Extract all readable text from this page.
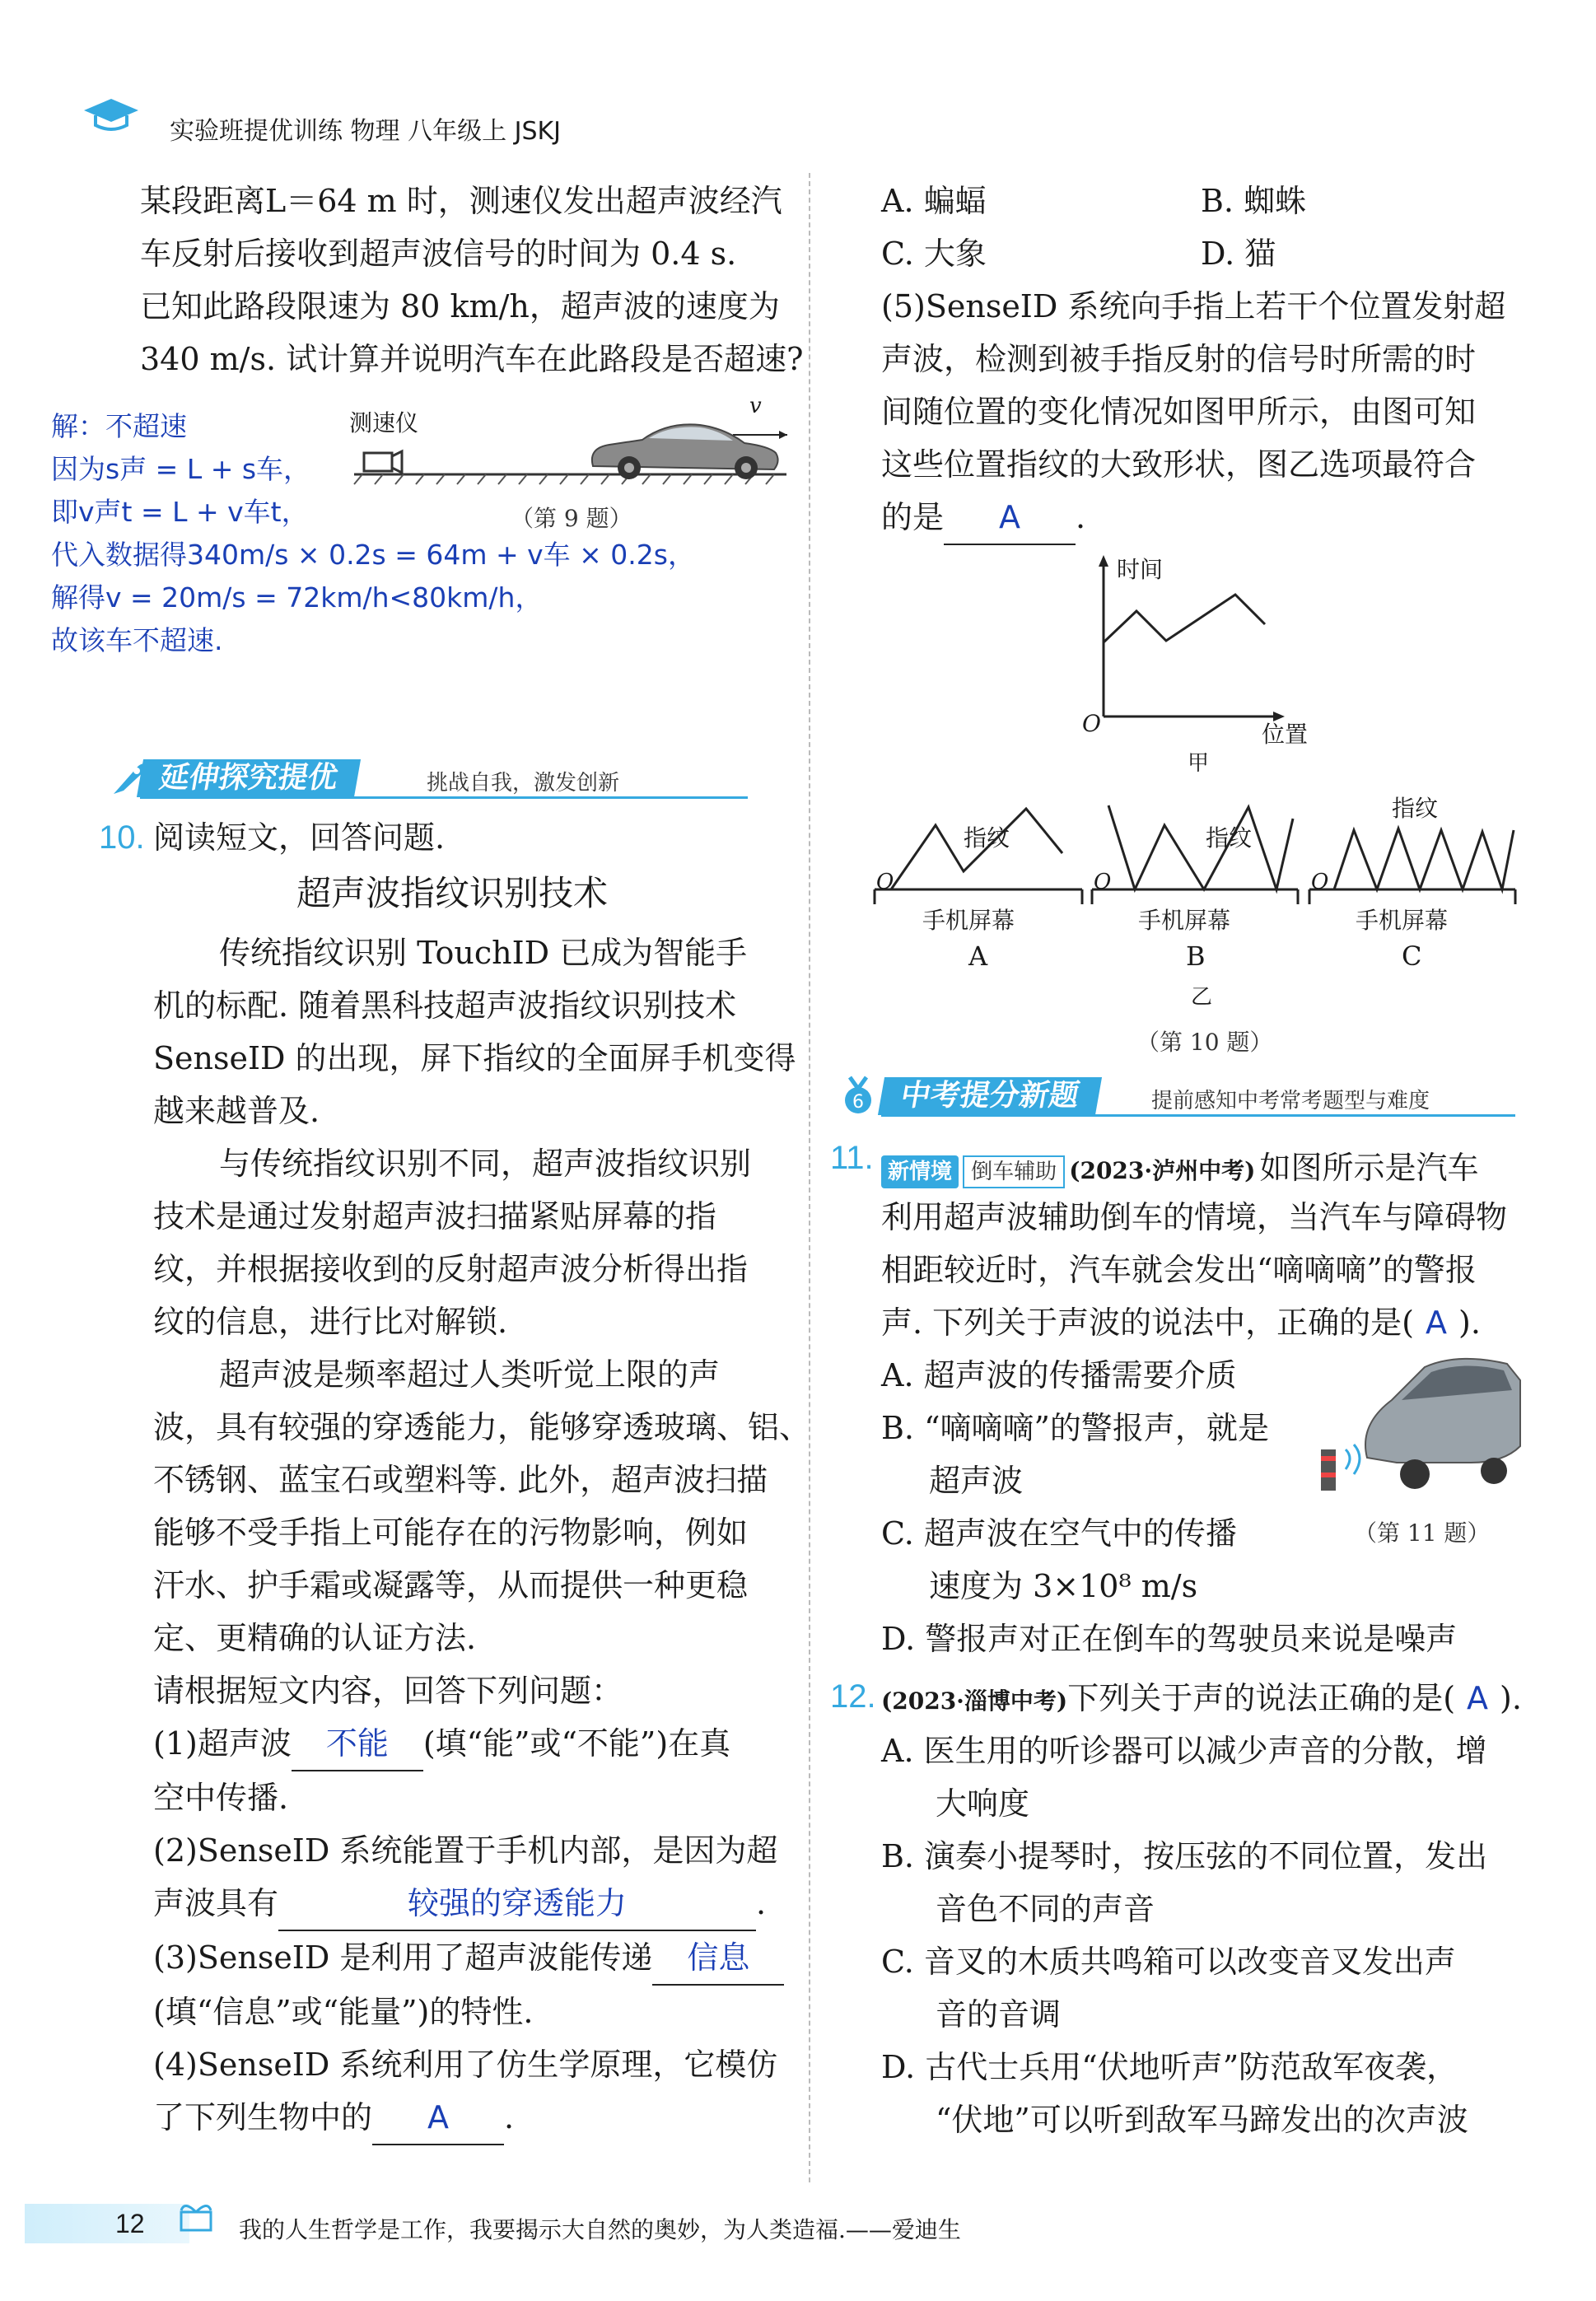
实验班提优训练 物理 八年级上 JSKJ
某段距离L＝64 m 时，测速仪发出超声波经汽
车反射后接收到超声波信号的时间为 0.4 s.
已知此路段限速为 80 km/h，超声波的速度为
340 m/s. 试计算并说明汽车在此路段是否超速?
解：不超速
因为s声 = L + s车，
即v声t = L + v车t，
代入数据得340m/s × 0.2s = 64m + v车 × 0.2s，
解得v = 20m/s = 72km/h<80km/h，
故该车不超速.
测速仪
v
（第 9 题）
延伸探究提优	挑战自我，激发创新
10. 阅读短文，回答问题.
超声波指纹识别技术
传统指纹识别 TouchID 已成为智能手
机的标配. 随着黑科技超声波指纹识别技术
SenseID 的出现，屏下指纹的全面屏手机变得
越来越普及.
与传统指纹识别不同，超声波指纹识别
技术是通过发射超声波扫描紧贴屏幕的指
纹，并根据接收到的反射超声波分析得出指
纹的信息，进行比对解锁.
超声波是频率超过人类听觉上限的声
波，具有较强的穿透能力，能够穿透玻璃、铝、
不锈钢、蓝宝石或塑料等. 此外，超声波扫描
能够不受手指上可能存在的污物影响，例如
汗水、护手霜或凝露等，从而提供一种更稳
定、更精确的认证方法.
请根据短文内容，回答下列问题：
(1)超声波 不能 (填“能”或“不能”)在真
空中传播.
(2)SenseID 系统能置于手机内部，是因为超
声波具有	较强的穿透能力	.
(3)SenseID 是利用了超声波能传递 信息
(填“信息”或“能量”)的特性.
(4)SenseID 系统利用了仿生学原理，它模仿
了下列生物中的 A .
A. 蝙蝠	B. 蜘蛛
C. 大象	D. 猫
(5)SenseID 系统向手指上若干个位置发射超
声波，检测到被手指反射的信号时所需的时
间随位置的变化情况如图甲所示，由图可知
这些位置指纹的大致形状，图乙选项最符合
的是 A .
时间
O	位置
甲
O	O	O
指纹	指纹
指纹
手机屏幕	手机屏幕	手机屏幕
A	B	C
乙
（第 10 题）
6	中考提分新题	提前感知中考常考题型与难度
11. 新情境 倒车辅助 (2023·泸州中考) 如图所示是汽车
利用超声波辅助倒车的情境，当汽车与障碍物
相距较近时，汽车就会发出“嘀嘀嘀”的警报
声. 下列关于声波的说法中，正确的是( A ).
A. 超声波的传播需要介质
B. “嘀嘀嘀”的警报声，就是
超声波
C. 超声波在空气中的传播
速度为 3×10⁸ m/s
D. 警报声对正在倒车的驾驶员来说是噪声
（第 11 题）
12. (2023·淄博中考)下列关于声的说法正确的是( A ).
A. 医生用的听诊器可以减少声音的分散，增
大响度
B. 演奏小提琴时，按压弦的不同位置，发出
音色不同的声音
C. 音叉的木质共鸣箱可以改变音叉发出声
音的音调
D. 古代士兵用“伏地听声”防范敌军夜袭，
“伏地”可以听到敌军马蹄发出的次声波
12	我的人生哲学是工作，我要揭示大自然的奥妙，为人类造福.——爱迪生
